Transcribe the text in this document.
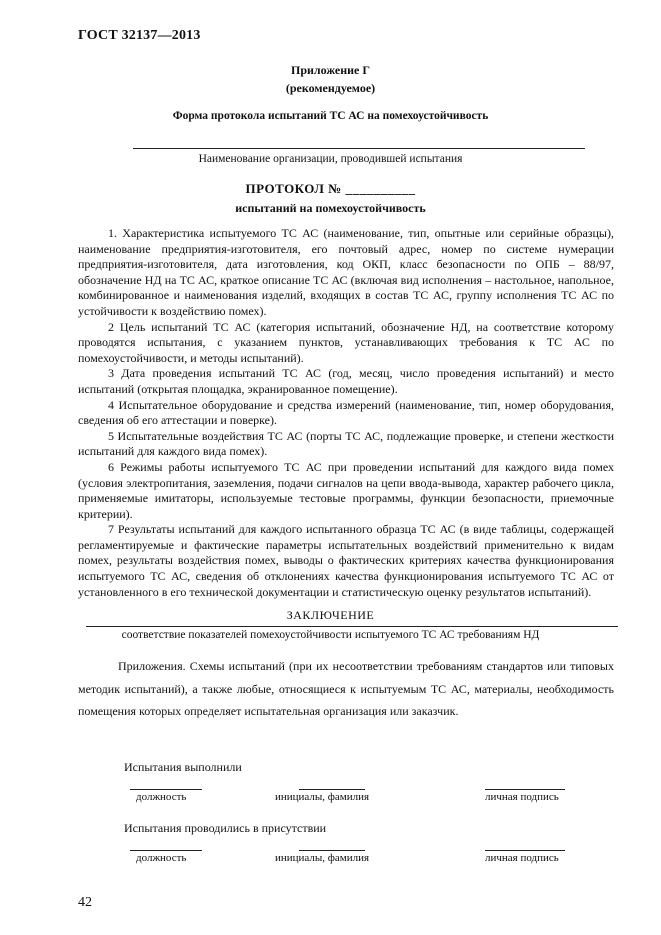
ГОСТ 32137—2013
Приложение Г
(рекомендуемое)
Форма протокола испытаний ТС АС на помехоустойчивость
Наименование организации, проводившей испытания
ПРОТОКОЛ № __________
испытаний на помехоустойчивость

1. Характеристика испытуемого ТС АС (наименование, тип, опытные или серийные образцы), наименование предприятия-изготовителя, его почтовый адрес, номер по системе нумерации предприятия-изготовителя, дата изготовления, код ОКП, класс безопасности по ОПБ – 88/97, обозначение НД на ТС АС, краткое описание ТС АС (включая вид исполнения – настольное, напольное, комбинированное и наименования изделий, входящих в состав ТС АС, группу исполнения ТС АС по устойчивости к воздействию помех).

2 Цель испытаний ТС АС (категория испытаний, обозначение НД, на соответствие которому проводятся испытания, с указанием пунктов, устанавливающих требования к ТС АС по помехоустойчивости, и методы испытаний).

3 Дата проведения испытаний ТС АС (год, месяц, число проведения испытаний) и место испытаний (открытая площадка, экранированное помещение).

4 Испытательное оборудование и средства измерений (наименование, тип, номер оборудования, сведения об его аттестации и поверке).

5 Испытательные воздействия ТС АС (порты ТС АС, подлежащие проверке, и степени жесткости испытаний для каждого вида помех).

6 Режимы работы испытуемого ТС АС при проведении испытаний для каждого вида помех (условия электропитания, заземления, подачи сигналов на цепи ввода-вывода, характер рабочего цикла, применяемые имитаторы, используемые тестовые программы, функции безопасности, приемочные критерии).

7 Результаты испытаний для каждого испытанного образца ТС АС (в виде таблицы, содержащей регламентируемые и фактические параметры испытательных воздействий применительно к видам помех, результаты воздействия помех, выводы о фактических критериях качества функционирования испытуемого ТС АС, сведения об отклонениях качества функционирования испытуемого ТС АС от установленного в его технической документации и статистическую оценку результатов испытаний).

ЗАКЛЮЧЕНИЕ
соответствие показателей помехоустойчивости испытуемого ТС АС требованиям НД

Приложения. Схемы испытаний (при их несоответствии требованиям стандартов или типовых методик испытаний), а также любые, относящиеся к испытуемым ТС АС, материалы, необходимость помещения которых определяет испытательная организация или заказчик.

Испытания выполнили
должность	инициалы, фамилия	личная подпись
Испытания проводились в присутствии
должность	инициалы, фамилия	личная подпись
42
